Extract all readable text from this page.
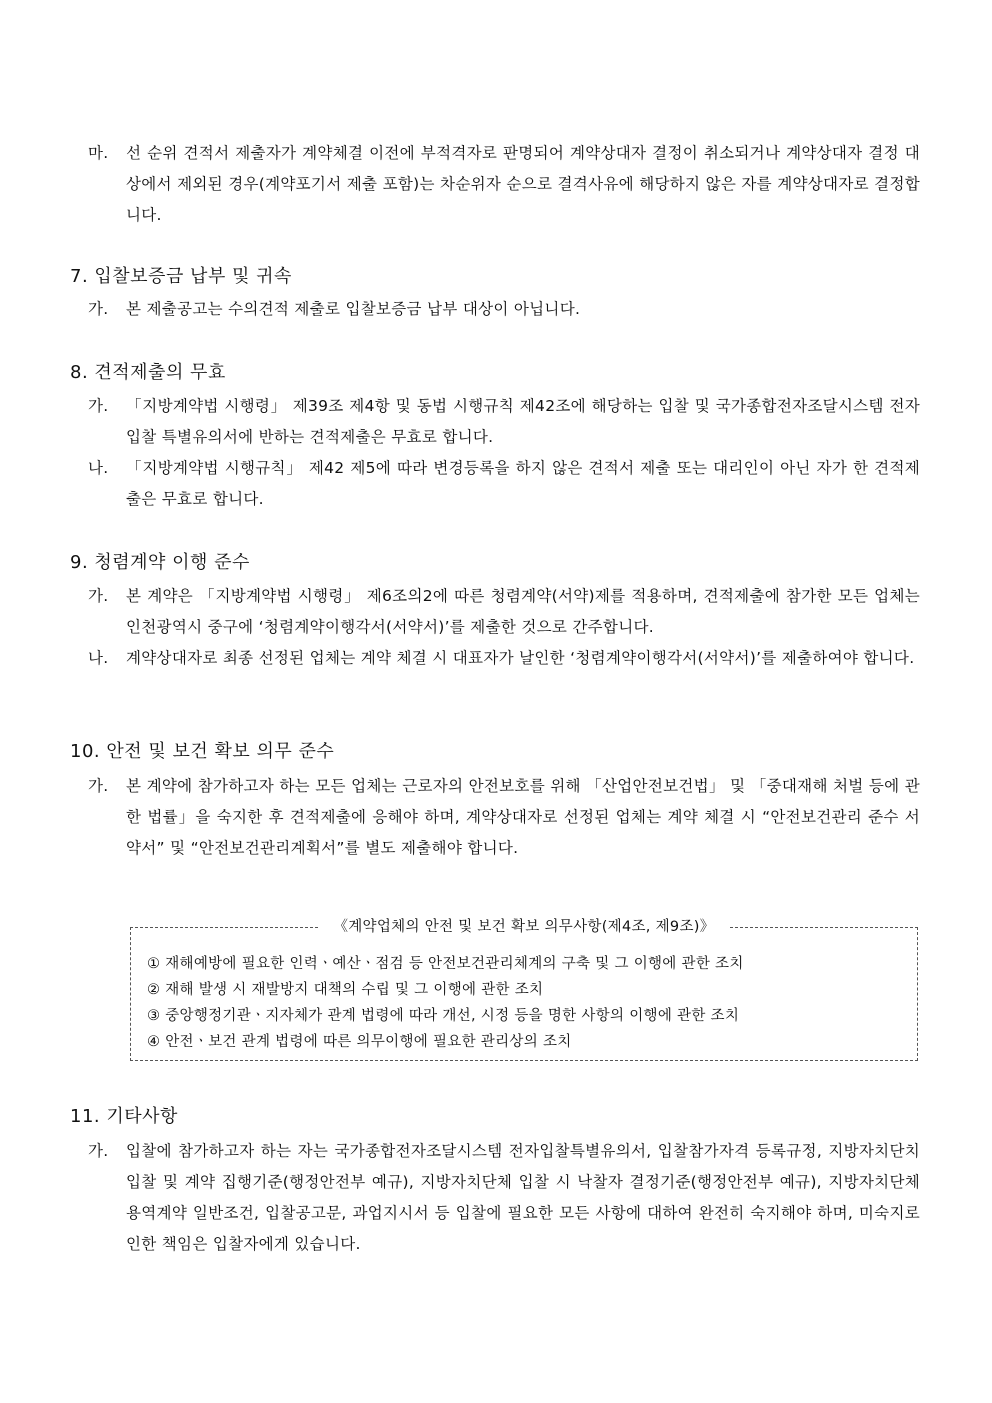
마.	선 순위 견적서 제출자가 계약체결 이전에 부적격자로 판명되어 계약상대자 결정이 취소되거나 계약상대자 결정 대상에서 제외된 경우(계약포기서 제출 포함)는 차순위자 순으로 결격사유에 해당하지 않은 자를 계약상대자로 결정합니다.
7. 입찰보증금 납부 및 귀속
가.	본 제출공고는 수의견적 제출로 입찰보증금 납부 대상이 아닙니다.
8. 견적제출의 무효
가.	「지방계약법 시행령」 제39조 제4항 및 동법 시행규칙 제42조에 해당하는 입찰 및 국가종합전자조달시스템 전자입찰 특별유의서에 반하는 견적제출은 무효로 합니다.
나.	「지방계약법 시행규칙」 제42 제5에 따라 변경등록을 하지 않은 견적서 제출 또는 대리인이 아닌 자가 한 견적제출은 무효로 합니다.
9. 청렴계약 이행 준수
가.	본 계약은 「지방계약법 시행령」 제6조의2에 따른 청렴계약(서약)제를 적용하며, 견적제출에 참가한 모든 업체는 인천광역시 중구에 ‘청렴계약이행각서(서약서)’를 제출한 것으로 간주합니다.
나.	계약상대자로 최종 선정된 업체는 계약 체결 시 대표자가 날인한 ‘청렴계약이행각서(서약서)’를 제출하여야 합니다.
10. 안전 및 보건 확보 의무 준수
가.	본 계약에 참가하고자 하는 모든 업체는 근로자의 안전보호를 위해 「산업안전보건법」 및 「중대재해 처벌 등에 관한 법률」을 숙지한 후 견적제출에 응해야 하며, 계약상대자로 선정된 업체는 계약 체결 시 “안전보건관리 준수 서약서” 및 “안전보건관리계획서”를 별도 제출해야 합니다.
《계약업체의 안전 및 보건 확보 의무사항(제4조, 제9조)》
① 재해예방에 필요한 인력ㆍ예산ㆍ점검 등 안전보건관리체계의 구축 및 그 이행에 관한 조치
② 재해 발생 시 재발방지 대책의 수립 및 그 이행에 관한 조치
③ 중앙행정기관ㆍ지자체가 관계 법령에 따라 개선, 시정 등을 명한 사항의 이행에 관한 조치
④ 안전ㆍ보건 관계 법령에 따른 의무이행에 필요한 관리상의 조치
11. 기타사항
가.	입찰에 참가하고자 하는 자는 국가종합전자조달시스템 전자입찰특별유의서, 입찰참가자격 등록규정, 지방자치단치 입찰 및 계약 집행기준(행정안전부 예규), 지방자치단체 입찰 시 낙찰자 결정기준(행정안전부 예규), 지방자치단체 용역계약 일반조건, 입찰공고문, 과업지시서 등 입찰에 필요한 모든 사항에 대하여 완전히 숙지해야 하며, 미숙지로 인한 책임은 입찰자에게 있습니다.
